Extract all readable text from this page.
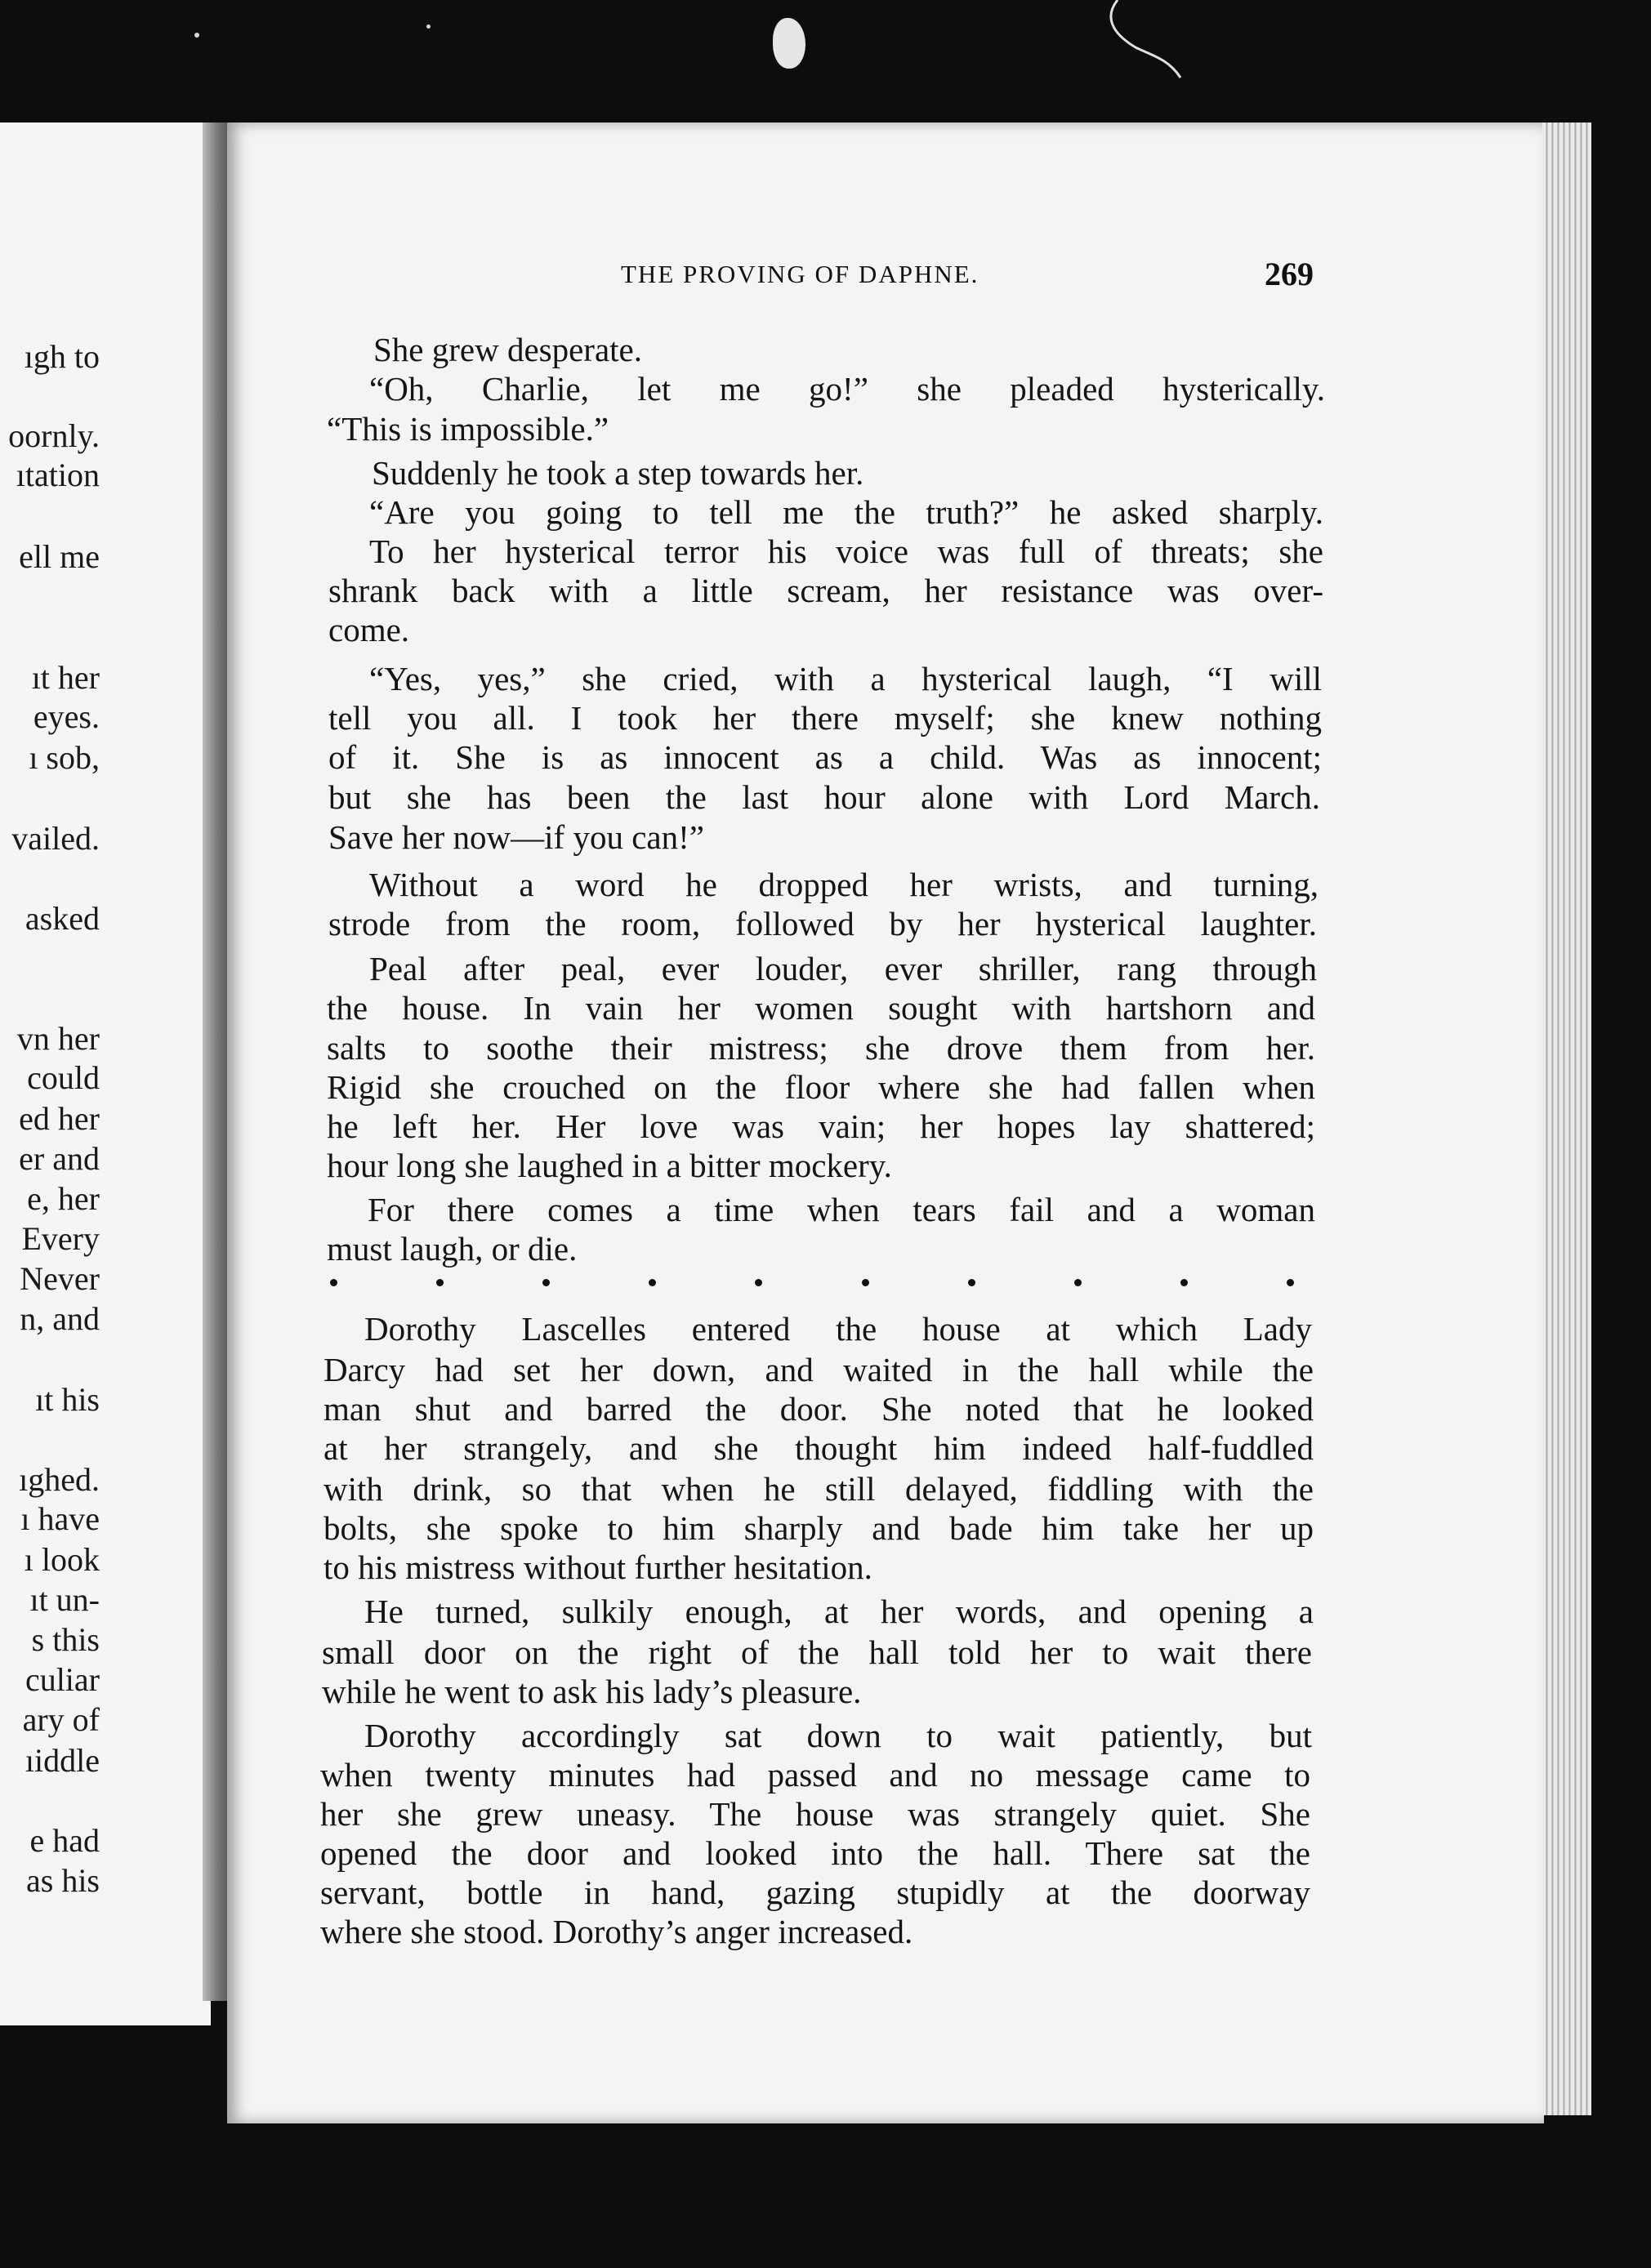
ıgh to
oornly.
ıtation
ell me
ıt her
eyes.
ı sob,
vailed.
asked
vn her
could
ed her
er and
e, her
Every
Never
n, and
ıt his
ıghed.
ı have
ı look
ıt un-
s this
culiar
ary of
ıiddle
e had
as his
THE PROVING OF DAPHNE.	269
She grew desperate.
“Oh, Charlie, let me go!” she pleaded hysterically.
“This is impossible.”
Suddenly he took a step towards her.
“Are you going to tell me the truth?” he asked sharply.
To her hysterical terror his voice was full of threats; she
shrank back with a little scream, her resistance was over-
come.
“Yes, yes,” she cried, with a hysterical laugh, “I will
tell you all. I took her there myself; she knew nothing
of it. She is as innocent as a child. Was as innocent;
but she has been the last hour alone with Lord March.
Save her now—if you can!”
Without a word he dropped her wrists, and turning,
strode from the room, followed by her hysterical laughter.
Peal after peal, ever louder, ever shriller, rang through
the house. In vain her women sought with hartshorn and
salts to soothe their mistress; she drove them from her.
Rigid she crouched on the floor where she had fallen when
he left her. Her love was vain; her hopes lay shattered;
hour long she laughed in a bitter mockery.
For there comes a time when tears fail and a woman
must laugh, or die.
Dorothy Lascelles entered the house at which Lady
Darcy had set her down, and waited in the hall while the
man shut and barred the door. She noted that he looked
at her strangely, and she thought him indeed half-fuddled
with drink, so that when he still delayed, fiddling with the
bolts, she spoke to him sharply and bade him take her up
to his mistress without further hesitation.
He turned, sulkily enough, at her words, and opening a
small door on the right of the hall told her to wait there
while he went to ask his lady’s pleasure.
Dorothy accordingly sat down to wait patiently, but
when twenty minutes had passed and no message came to
her she grew uneasy. The house was strangely quiet. She
opened the door and looked into the hall. There sat the
servant, bottle in hand, gazing stupidly at the doorway
where she stood. Dorothy’s anger increased.
